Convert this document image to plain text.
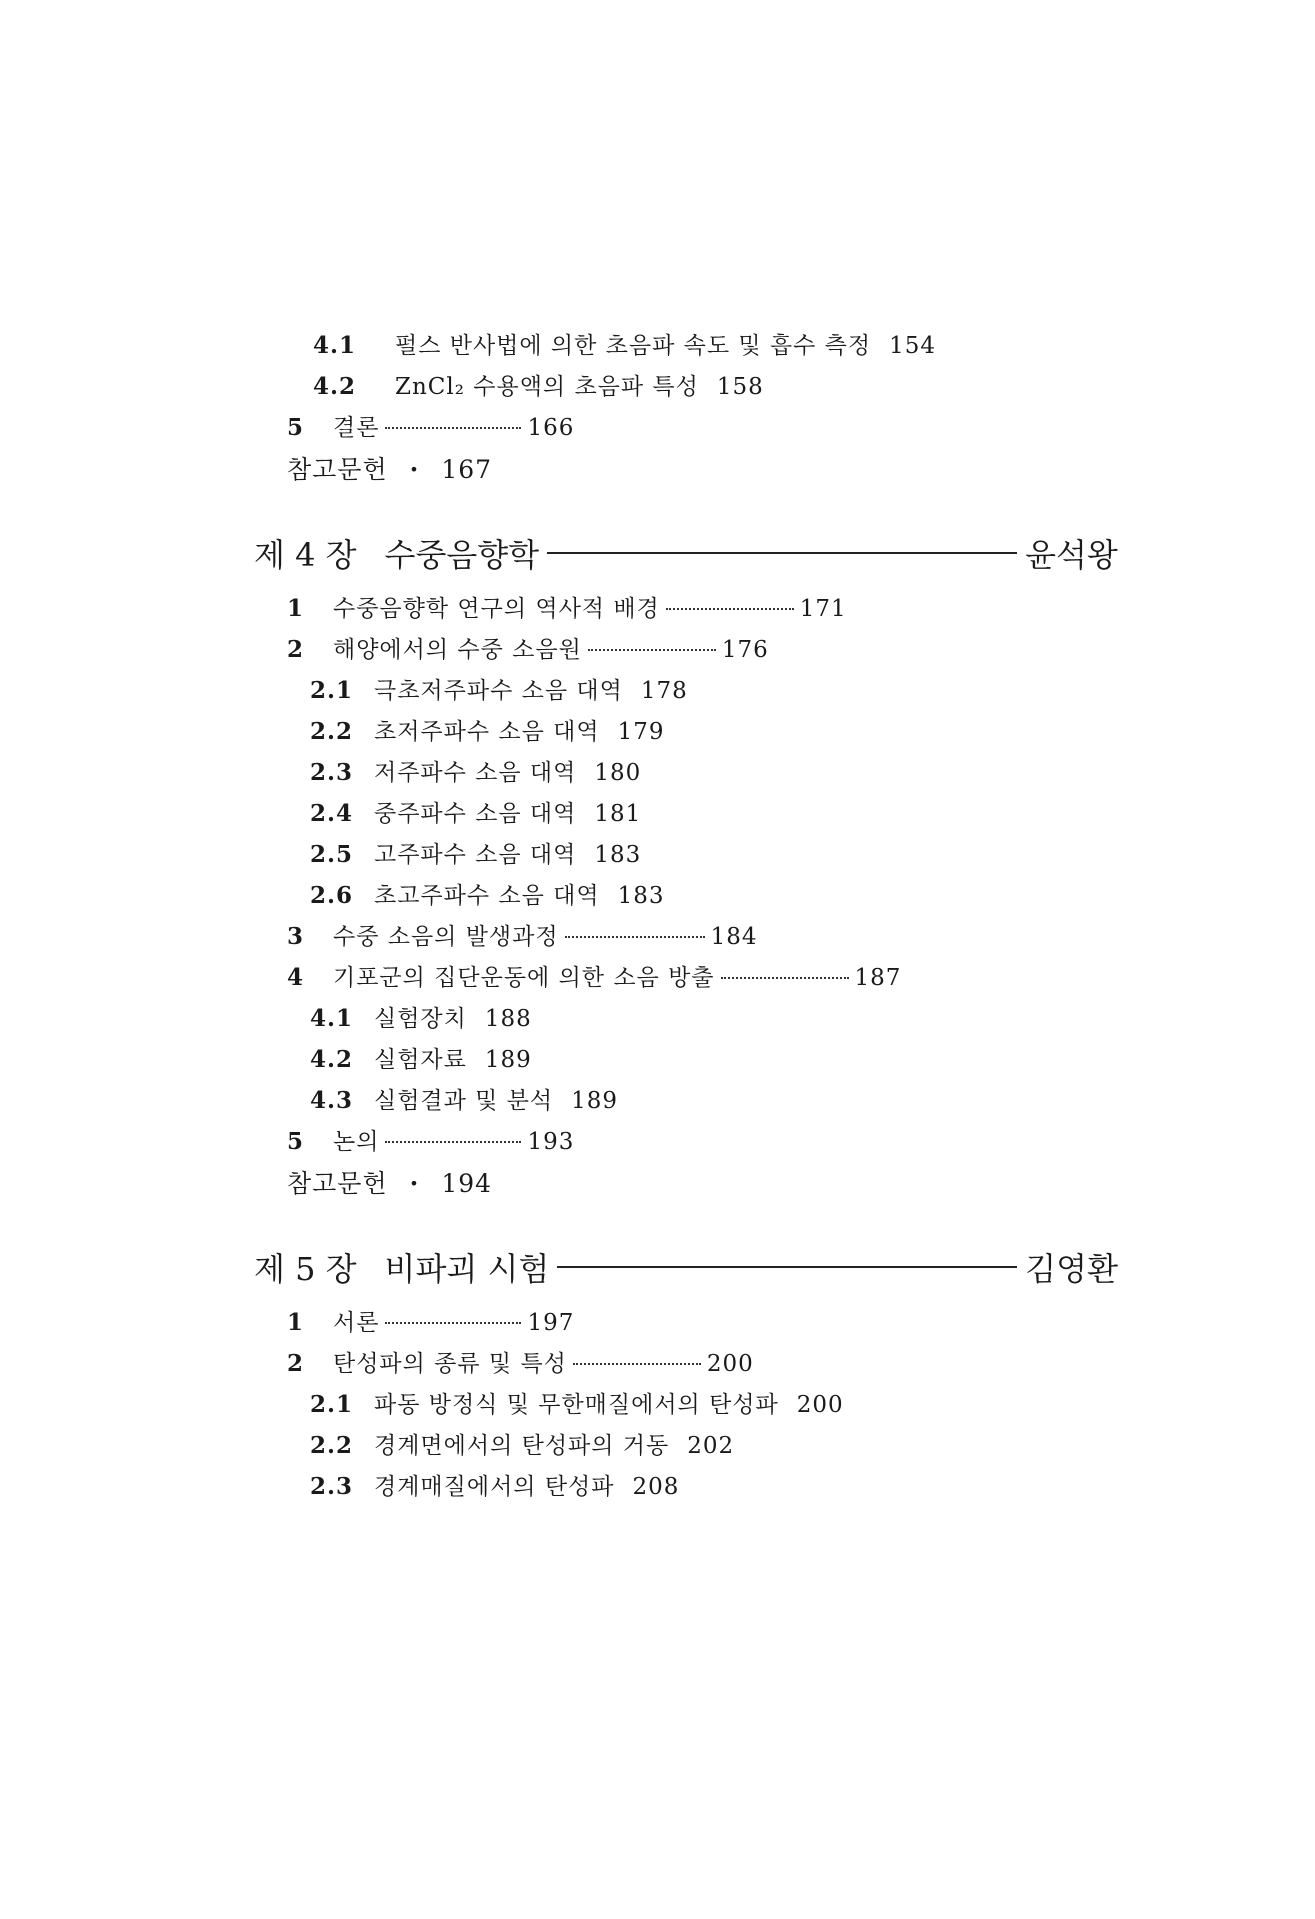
4.1	펄스 반사법에 의한 초음파 속도 및 흡수 측정 154
4.2	ZnCl₂ 수용액의 초음파 특성 158
5	결론	166
참고문헌 · 167
제 4 장 수중음향학	윤석왕
1	수중음향학 연구의 역사적 배경	171
2	해양에서의 수중 소음원	176
2.1 극초저주파수 소음 대역 178
2.2 초저주파수 소음 대역 179
2.3 저주파수 소음 대역 180
2.4 중주파수 소음 대역 181
2.5 고주파수 소음 대역 183
2.6 초고주파수 소음 대역 183
3	수중 소음의 발생과정	184
4	기포군의 집단운동에 의한 소음 방출	187
4.1 실험장치 188
4.2 실험자료 189
4.3 실험결과 및 분석 189
5	논의	193
참고문헌 · 194
제 5 장 비파괴 시험	김영환
1	서론	197
2	탄성파의 종류 및 특성	200
2.1 파동 방정식 및 무한매질에서의 탄성파 200
2.2 경계면에서의 탄성파의 거동 202
2.3 경계매질에서의 탄성파 208
